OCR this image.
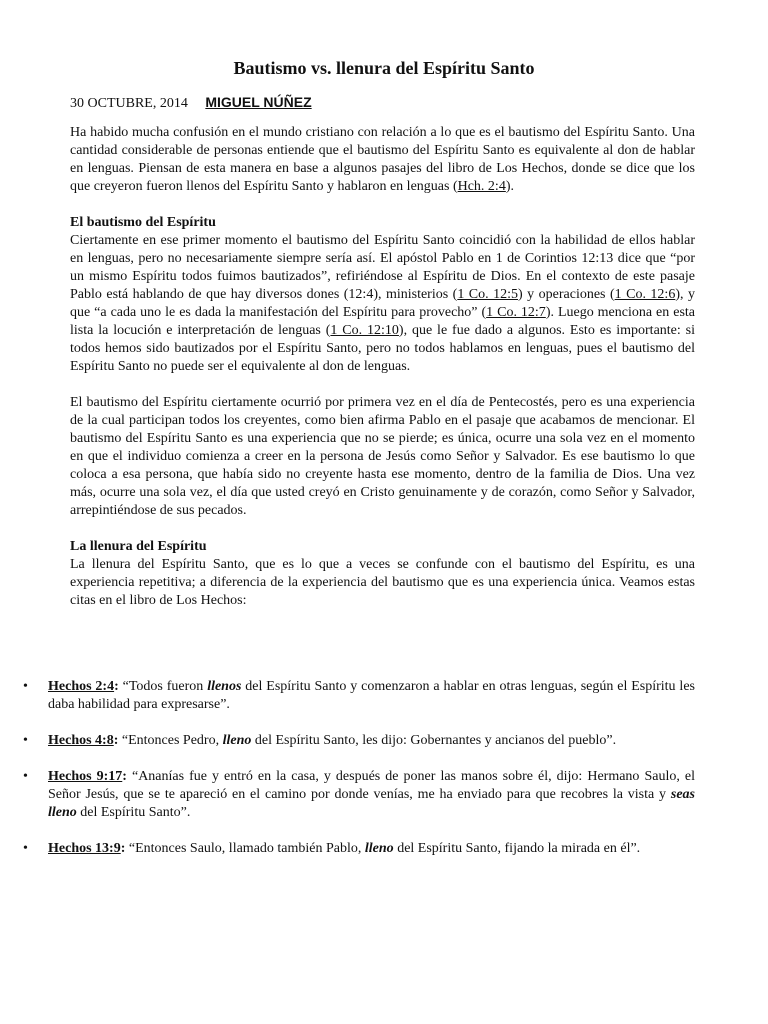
Bautismo vs. llenura del Espíritu Santo
30 OCTUBRE, 2014 MIGUEL NÚÑEZ

Ha habido mucha confusión en el mundo cristiano con relación a lo que es el bautismo del Espíritu Santo. Una cantidad considerable de personas entiende que el bautismo del Espíritu Santo es equivalente al don de hablar en lenguas. Piensan de esta manera en base a algunos pasajes del libro de Los Hechos, donde se dice que los que creyeron fueron llenos del Espíritu Santo y hablaron en lenguas (Hch. 2:4).

El bautismo del Espíritu
Ciertamente en ese primer momento el bautismo del Espíritu Santo coincidió con la habilidad de ellos hablar en lenguas, pero no necesariamente siempre sería así. El apóstol Pablo en 1 de Corintios 12:13 dice que “por un mismo Espíritu todos fuimos bautizados”, refiriéndose al Espíritu de Dios. En el contexto de este pasaje Pablo está hablando de que hay diversos dones (12:4), ministerios (1 Co. 12:5) y operaciones (1 Co. 12:6), y que “a cada uno le es dada la manifestación del Espíritu para provecho” (1 Co. 12:7). Luego menciona en esta lista la locución e interpretación de lenguas (1 Co. 12:10), que le fue dado a algunos. Esto es importante: si todos hemos sido bautizados por el Espíritu Santo, pero no todos hablamos en lenguas, pues el bautismo del Espíritu Santo no puede ser el equivalente al don de lenguas.

El bautismo del Espíritu ciertamente ocurrió por primera vez en el día de Pentecostés, pero es una experiencia de la cual participan todos los creyentes, como bien afirma Pablo en el pasaje que acabamos de mencionar. El bautismo del Espíritu Santo es una experiencia que no se pierde; es única, ocurre una sola vez en el momento en que el individuo comienza a creer en la persona de Jesús como Señor y Salvador. Es ese bautismo lo que coloca a esa persona, que había sido no creyente hasta ese momento, dentro de la familia de Dios. Una vez más, ocurre una sola vez, el día que usted creyó en Cristo genuinamente y de corazón, como Señor y Salvador, arrepintiéndose de sus pecados.

La llenura del Espíritu
La llenura del Espíritu Santo, que es lo que a veces se confunde con el bautismo del Espíritu, es una experiencia repetitiva; a diferencia de la experiencia del bautismo que es una experiencia única. Veamos estas citas en el libro de Los Hechos:

• Hechos 2:4: “Todos fueron llenos del Espíritu Santo y comenzaron a hablar en otras lenguas, según el Espíritu les daba habilidad para expresarse”.
• Hechos 4:8: “Entonces Pedro, lleno del Espíritu Santo, les dijo: Gobernantes y ancianos del pueblo”.
• Hechos 9:17: “Ananías fue y entró en la casa, y después de poner las manos sobre él, dijo: Hermano Saulo, el Señor Jesús, que se te apareció en el camino por donde venías, me ha enviado para que recobres la vista y seas lleno del Espíritu Santo”.
• Hechos 13:9: “Entonces Saulo, llamado también Pablo, lleno del Espíritu Santo, fijando la mirada en él”.
